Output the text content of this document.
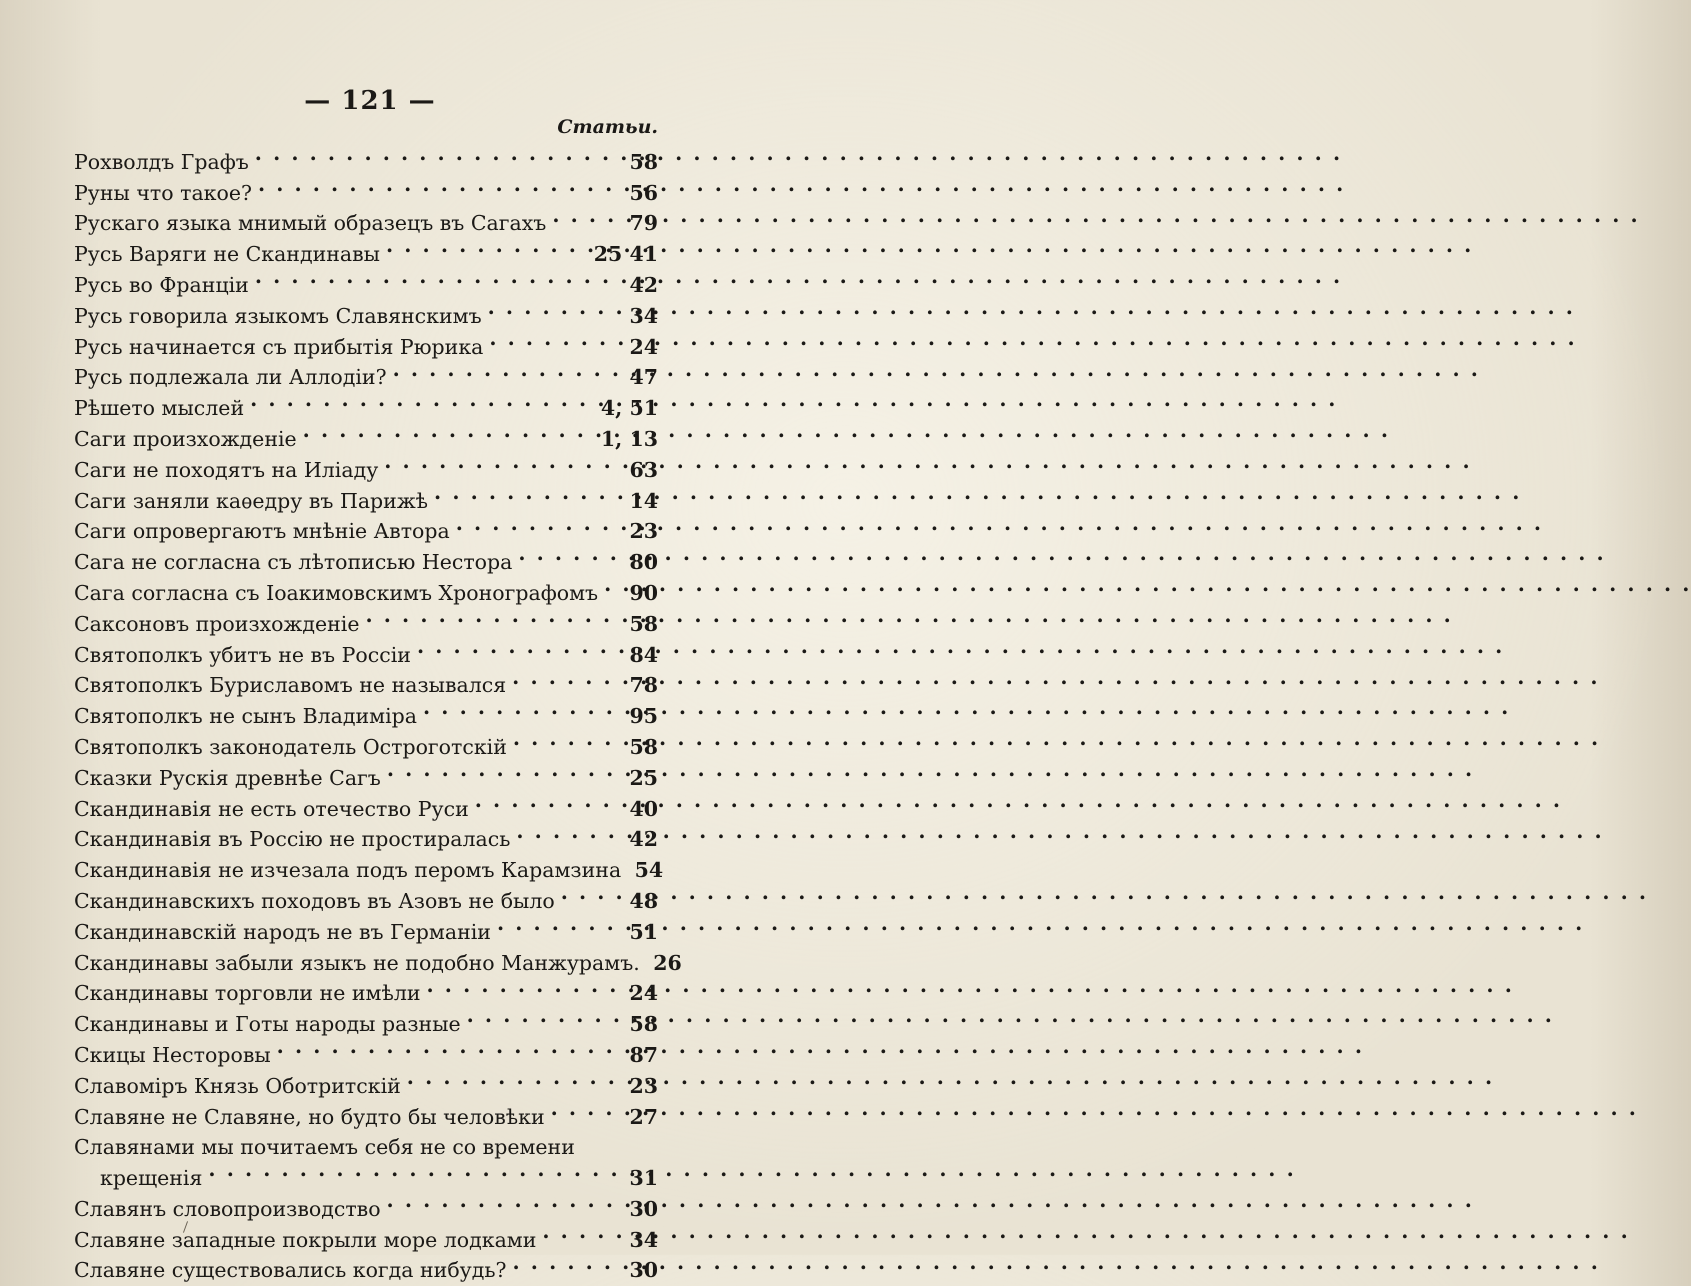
— 121 —
Статьи.
Рохволдъ Графъ . . .	58
Руны что такое? . . .	56
Рускаго языка мнимый образецъ въ Сагахъ . . .	79
Русь Варяги не Скандинавы . . .	25 41
Русь во Франціи . . .	42
Русь говорила языкомъ Славянскимъ . . .	34
Русь начинается съ прибытія Рюрика . . .	24
Русь подлежала ли Аллодіи? . . .	47
Рѣшето мыслей . . .	4, 51
Саги произхожденіе . . .	1, 13
Саги не походятъ на Иліаду . . .	63
Саги заняли каѳедру въ Парижѣ . . .	14
Саги опровергаютъ мнѣніе Автора . . .	23
Сага не согласна съ лѣтописью Нестора . . .	80
Сага согласна съ Іоакимовскимъ Хронографомъ . . . 90
Саксоновъ произхожденіе . . .	58
Святополкъ убитъ не въ Россіи . . .	84
Святополкъ Буриславомъ не назывался . . .	78
Святополкъ не сынъ Владиміра . . .	95
Святополкъ законодатель Остроготскій . . .	58
Сказки Рускія древнѣе Сагъ . . .	25
Скандинавія не есть отечество Руси . . .	40
Скандинавія въ Россію не простиралась . . .	42
Скандинавія не изчезала подъ перомъ Карамзина 54
Скандинавскихъ походовъ въ Азовъ не было . . .	48
Скандинавскій народъ не въ Германіи . . .	51
Скандинавы забыли языкъ не подобно Манжурамъ. 26
Скандинавы торговли не имѣли . . .	24
Скандинавы и Готы народы разные . . .	58
Скицы Несторовы . . .	87
Славоміръ Князь Оботритскій . . .	23
Славяне не Славяне, но будто бы человѣки . . .	27
Славянами мы почитаемъ себя не со времени
крещенія . . .	31
Славянъ словопроизводство . . .	30
Славяне западные покрыли море лодками . . .	34
Славяне существовались когда нибудь? . . .	30
